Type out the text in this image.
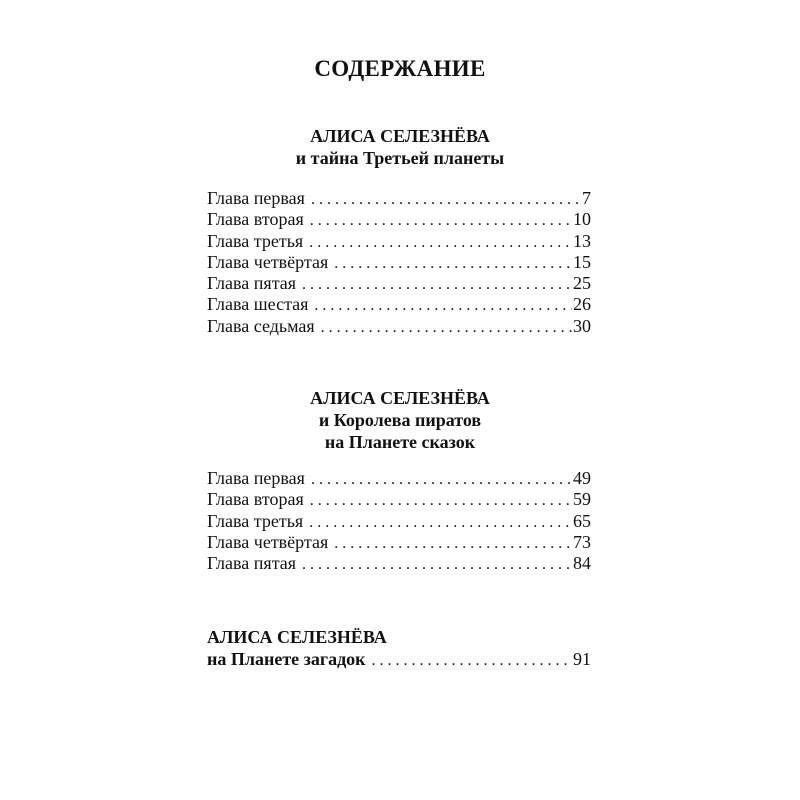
СОДЕРЖАНИЕ
АЛИСА СЕЛЕЗНЁВА
и тайна Третьей планеты
Глава первая . . .	7
Глава вторая . . .	10
Глава третья . . .	13
Глава четвёртая . . .	15
Глава пятая . . .	25
Глава шестая . . .	26
Глава седьмая . . .	30
АЛИСА СЕЛЕЗНЁВА
и Королева пиратов
на Планете сказок
Глава первая . . .	49
Глава вторая . . .	59
Глава третья . . .	65
Глава четвёртая . . .	73
Глава пятая . . .	84
АЛИСА СЕЛЕЗНЁВА
на Планете загадок . . .	91
